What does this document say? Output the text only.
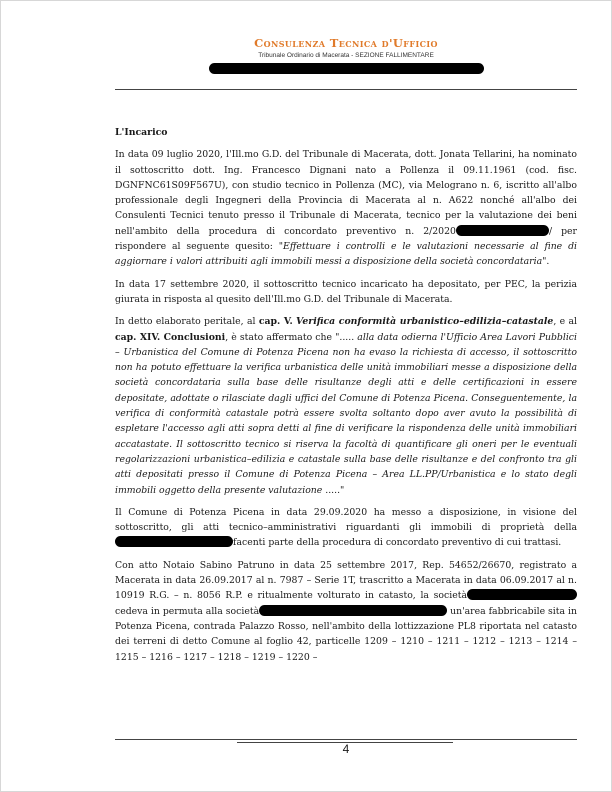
Consulenza Tecnica d'Ufficio
Tribunale Ordinario di Macerata - SEZIONE FALLIMENTARE
L'Incarico

In data 09 luglio 2020, l'Ill.mo G.D. del Tribunale di Macerata, dott. Jonata Tellarini, ha nominato il sottoscritto dott. Ing. Francesco Dignani nato a Pollenza il 09.11.1961 (cod. fisc. DGNFNC61S09F567U), con studio tecnico in Pollenza (MC), via Melograno n. 6, iscritto all'albo professionale degli Ingegneri della Provincia di Macerata al n. A622 nonché all'albo dei Consulenti Tecnici tenuto presso il Tribunale di Macerata, tecnico per la valutazione dei beni nell'ambito della procedura di concordato preventivo n. 2/2020	/ per rispondere al seguente quesito: "Effettuare i controlli e le valutazioni necessarie al fine di aggiornare i valori attribuiti agli immobili messi a disposizione della società concordataria".

In data 17 settembre 2020, il sottoscritto tecnico incaricato ha depositato, per PEC, la perizia giurata in risposta al quesito dell'Ill.mo G.D. del Tribunale di Macerata.

In detto elaborato peritale, al cap. V. Verifica conformità urbanistico–edilizia–catastale, e al cap. XIV. Conclusioni, è stato affermato che "..... alla data odierna l'Ufficio Area Lavori Pubblici – Urbanistica del Comune di Potenza Picena non ha evaso la richiesta di accesso, il sottoscritto non ha potuto effettuare la verifica urbanistica delle unità immobiliari messe a disposizione della società concordataria sulla base delle risultanze degli atti e delle certificazioni in essere depositate, adottate o rilasciate dagli uffici del Comune di Potenza Picena. Conseguentemente, la verifica di conformità catastale potrà essere svolta soltanto dopo aver avuto la possibilità di espletare l'accesso agli atti sopra detti al fine di verificare la rispondenza delle unità immobiliari accatastate. Il sottoscritto tecnico si riserva la facoltà di quantificare gli oneri per le eventuali regolarizzazioni urbanistica–edilizia e catastale sulla base delle risultanze e del confronto tra gli atti depositati presso il Comune di Potenza Picena – Area LL.PP/Urbanistica e lo stato degli immobili oggetto della presente valutazione ....."

Il Comune di Potenza Picena in data 29.09.2020 ha messo a disposizione, in visione del sottoscritto, gli atti tecnico–amministrativi riguardanti gli immobili di proprietà della facenti parte della procedura di concordato preventivo di cui trattasi.

Con atto Notaio Sabino Patruno in data 25 settembre 2017, Rep. 54652/26670, registrato a Macerata in data 26.09.2017 al n. 7987 – Serie 1T, trascritto a Macerata in data 06.09.2017 al n. 10919 R.G. – n. 8056 R.P. e ritualmente volturato in catasto, la societàcedeva in permuta alla società	un'area fabbricabile sita in Potenza Picena, contrada Palazzo Rosso, nell'ambito della lottizzazione PL8 riportata nel catasto dei terreni di detto Comune al foglio 42, particelle 1209 – 1210 – 1211 – 1212 – 1213 – 1214 – 1215 – 1216 – 1217 – 1218 – 1219 – 1220 –

4
